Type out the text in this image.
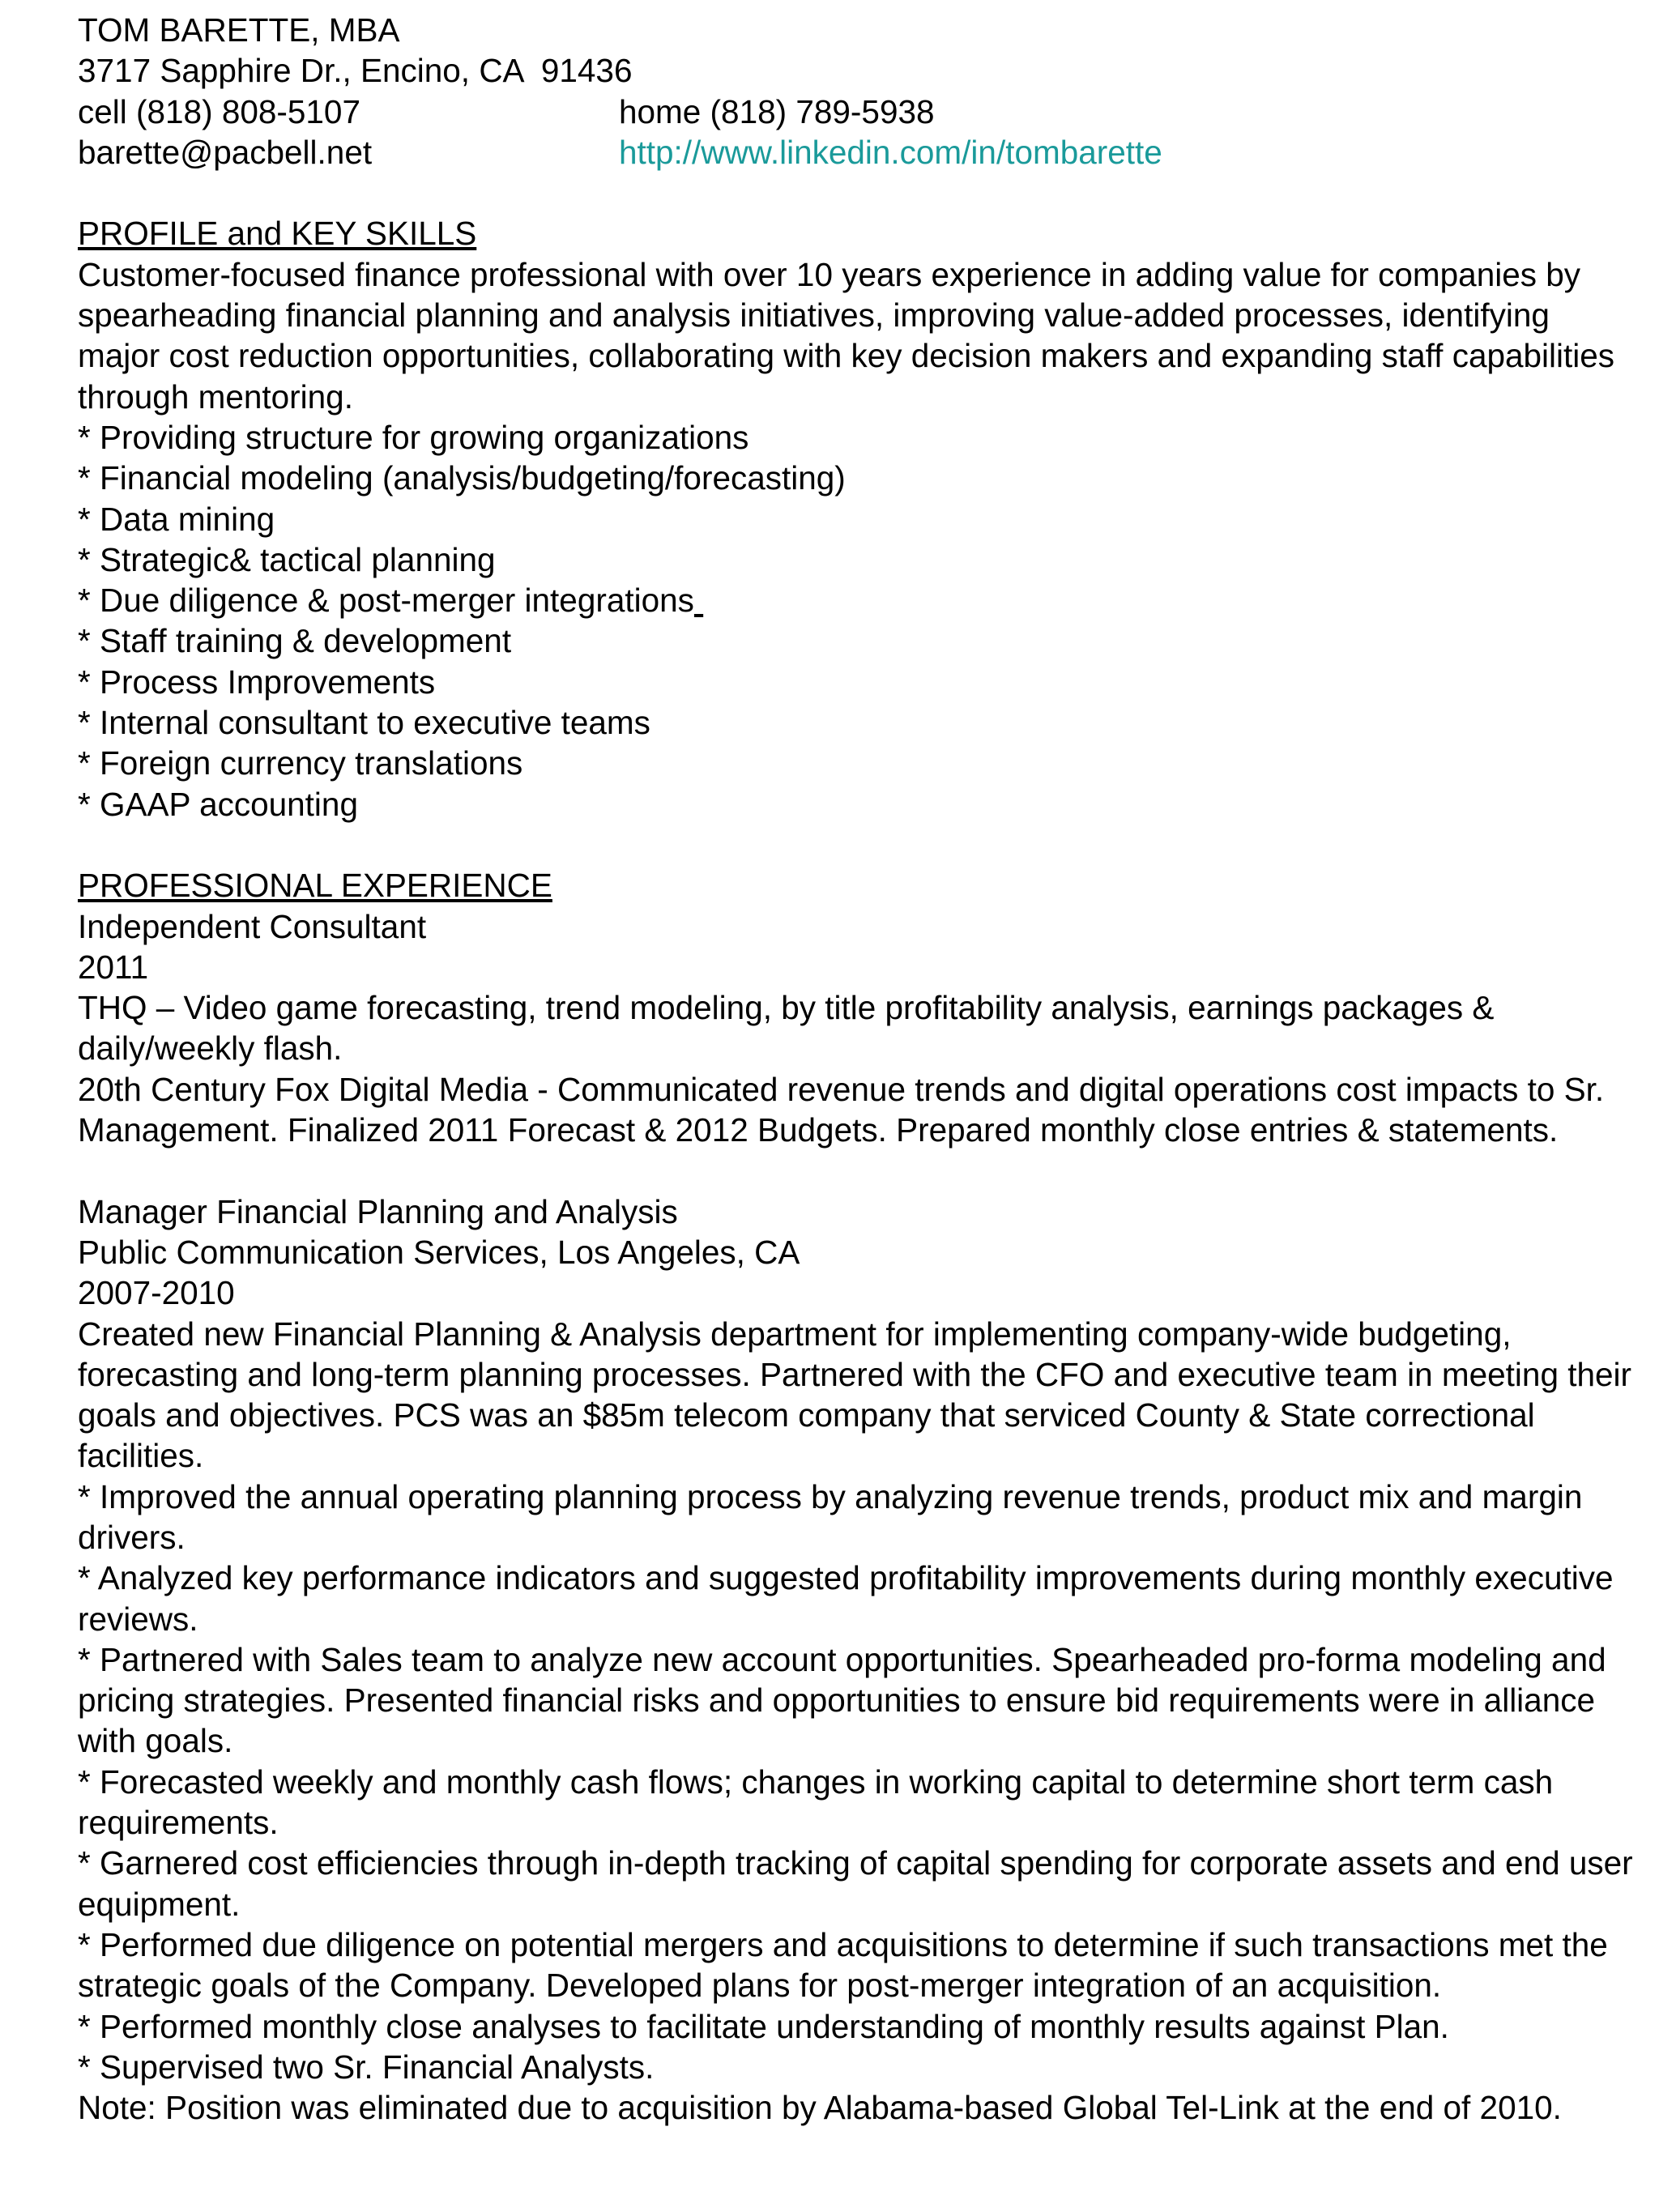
TOM BARETTE, MBA
3717 Sapphire Dr., Encino, CA  91436
cell (818) 808-5107	home (818) 789-5938
barette@pacbell.net	http://www.linkedin.com/in/tombarette
PROFILE and KEY SKILLS
Customer-focused finance professional with over 10 years experience in adding value for companies by spearheading financial planning and analysis initiatives, improving value-added processes, identifying major cost reduction opportunities, collaborating with key decision makers and expanding staff capabilities through mentoring.
* Providing structure for growing organizations
* Financial modeling (analysis/budgeting/forecasting)
* Data mining
* Strategic& tactical planning
* Due diligence & post-merger integrations
* Staff training & development
* Process Improvements
* Internal consultant to executive teams
* Foreign currency translations
* GAAP accounting
PROFESSIONAL EXPERIENCE
Independent Consultant
2011
THQ – Video game forecasting, trend modeling, by title profitability analysis, earnings packages & daily/weekly flash.
20th Century Fox Digital Media - Communicated revenue trends and digital operations cost impacts to Sr. Management. Finalized 2011 Forecast & 2012 Budgets. Prepared monthly close entries & statements.
Manager Financial Planning and Analysis
Public Communication Services, Los Angeles, CA
2007-2010
Created new Financial Planning & Analysis department for implementing company-wide budgeting, forecasting and long-term planning processes. Partnered with the CFO and executive team in meeting their goals and objectives. PCS was an $85m telecom company that serviced County & State correctional facilities.
* Improved the annual operating planning process by analyzing revenue trends, product mix and margin drivers.
* Analyzed key performance indicators and suggested profitability improvements during monthly executive reviews.
* Partnered with Sales team to analyze new account opportunities. Spearheaded pro-forma modeling and pricing strategies. Presented financial risks and opportunities to ensure bid requirements were in alliance with goals.
* Forecasted weekly and monthly cash flows; changes in working capital to determine short term cash requirements.
* Garnered cost efficiencies through in-depth tracking of capital spending for corporate assets and end user equipment.
* Performed due diligence on potential mergers and acquisitions to determine if such transactions met the strategic goals of the Company. Developed plans for post-merger integration of an acquisition.
* Performed monthly close analyses to facilitate understanding of monthly results against Plan.
* Supervised two Sr. Financial Analysts.
Note: Position was eliminated due to acquisition by Alabama-based Global Tel-Link at the end of 2010.
